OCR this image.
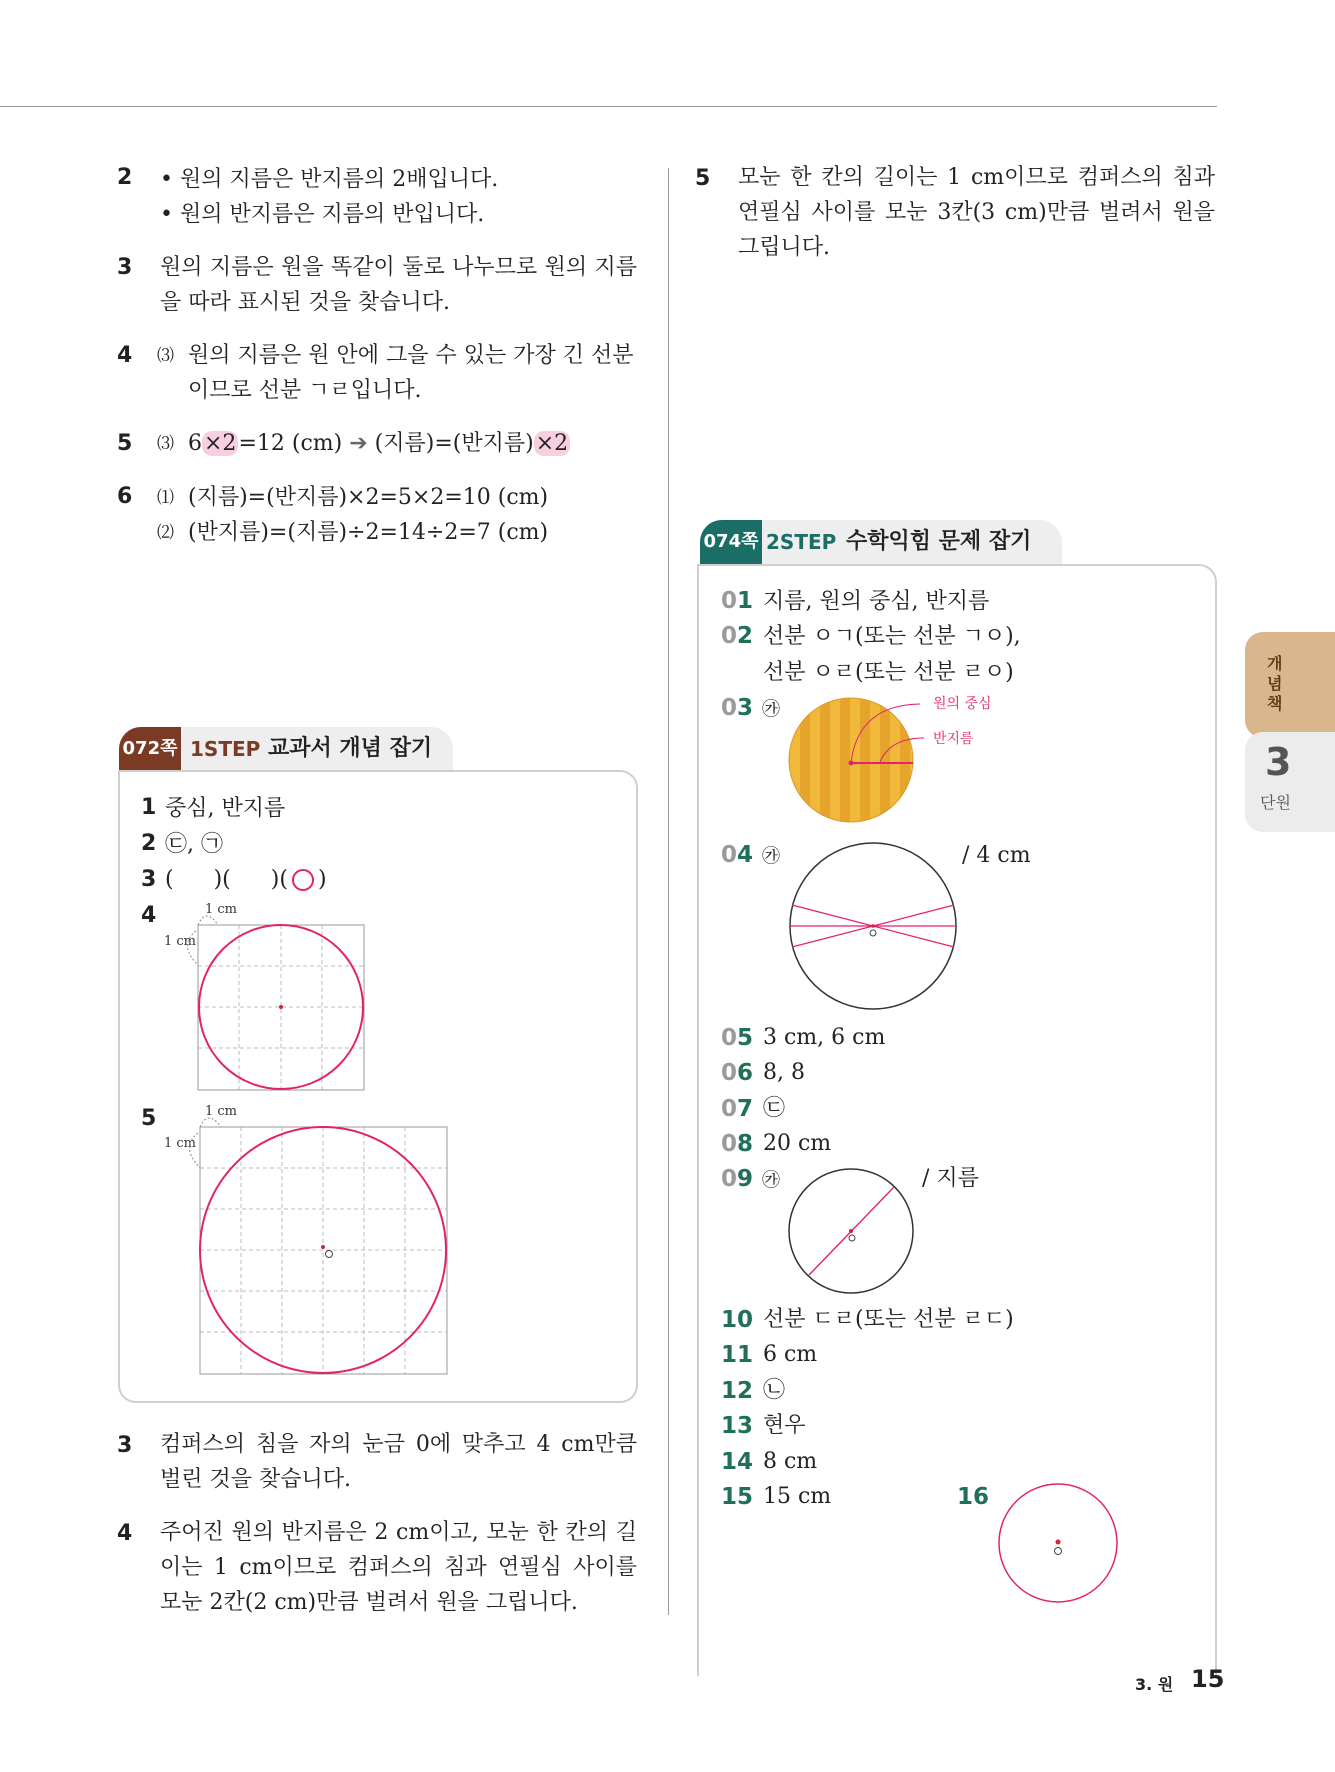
2 • 원의 지름은 반지름의 2배입니다.
• 원의 반지름은 지름의 반입니다.
3 원의 지름은 원을 똑같이 둘로 나누므로 원의 지름을 따라 표시된 것을 찾습니다.
4 ⑶ 원의 지름은 원 안에 그을 수 있는 가장 긴 선분
이므로 선분 ㄱㄹ입니다.
5 ⑶ 6×2=12 (cm) ➔ (지름)=(반지름)×2
6 ⑴ (지름)=(반지름)×2=5×2=10 (cm)
⑵ (반지름)=(지름)÷2=14÷2=7 (cm)
072쪽 1STEP 교과서 개념 잡기
1 중심, 반지름
2 ㉢, ㉠
3 ( )( )( )
4
5
1 cm
1 cm
1 cm
1 cm
3 컴퍼스의 침을 자의 눈금 0에 맞추고 4 cm만큼 벌린 것을 찾습니다.
4 주어진 원의 반지름은 2 cm이고, 모눈 한 칸의 길이는 1 cm이므로 컴퍼스의 침과 연필심 사이를 모눈 2칸(2 cm)만큼 벌려서 원을 그립니다.
5 모눈 한 칸의 길이는 1 cm이므로 컴퍼스의 침과 연필심 사이를 모눈 3칸(3 cm)만큼 벌려서 원을 그립니다.
074쪽 2STEP 수학익힘 문제 잡기
01 지름, 원의 중심, 반지름
02 선분 ㅇㄱ(또는 선분 ㄱㅇ),
선분 ㅇㄹ(또는 선분 ㄹㅇ)
03 ㉮	원의 중심
반지름
04 ㉮	/ 4 cm
05 3 cm, 6 cm
06 8, 8
07 ㉢
08 20 cm
09 ㉮	/ 지름
10 선분 ㄷㄹ(또는 선분 ㄹㄷ)
11 6 cm
12 ㉡
13 현우
14 8 cm
15 15 cm	16
개념책
3
단원
3. 원 15
